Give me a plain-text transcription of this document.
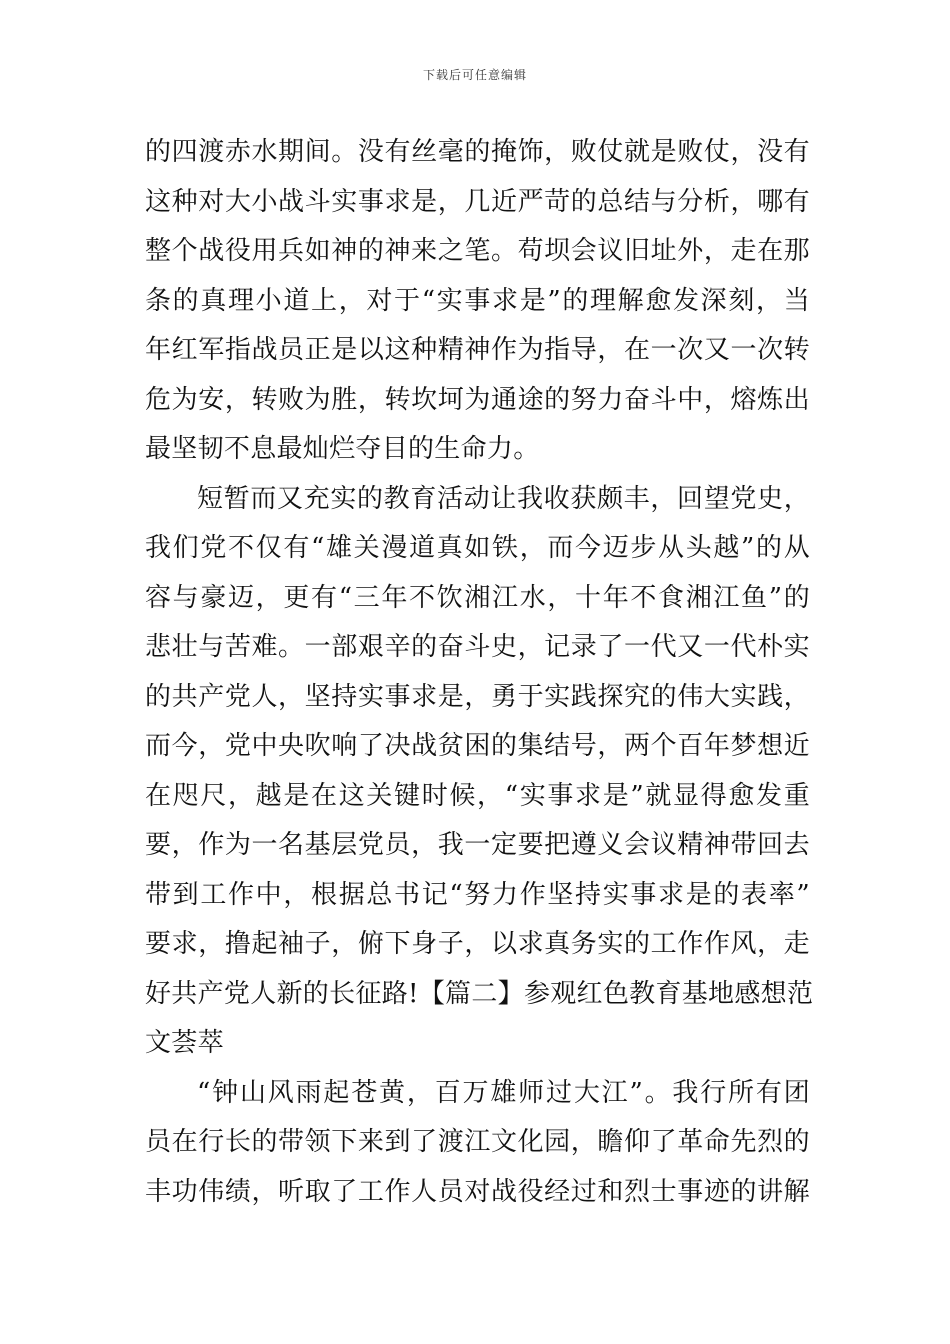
下载后可任意编辑
的四渡赤水期间。没有丝毫的掩饰，败仗就是败仗，没有
这种对大小战斗实事求是，几近严苛的总结与分析，哪有
整个战役用兵如神的神来之笔。苟坝会议旧址外，走在那
条的真理小道上，对于“实事求是”的理解愈发深刻，当
年红军指战员正是以这种精神作为指导，在一次又一次转
危为安，转败为胜，转坎坷为通途的努力奋斗中，熔炼出
最坚韧不息最灿烂夺目的生命力。
短暂而又充实的教育活动让我收获颇丰，回望党史，
我们党不仅有“雄关漫道真如铁，而今迈步从头越”的从
容与豪迈，更有“三年不饮湘江水，十年不食湘江鱼”的
悲壮与苦难。一部艰辛的奋斗史，记录了一代又一代朴实
的共产党人，坚持实事求是，勇于实践探究的伟大实践，
而今，党中央吹响了决战贫困的集结号，两个百年梦想近
在咫尺，越是在这关键时候，“实事求是”就显得愈发重
要，作为一名基层党员，我一定要把遵义会议精神带回去
带到工作中，根据总书记“努力作坚持实事求是的表率”
要求，撸起袖子，俯下身子，以求真务实的工作作风，走
好共产党人新的长征路!【篇二】参观红色教育基地感想范
文荟萃
“钟山风雨起苍黄，百万雄师过大江”。我行所有团
员在行长的带领下来到了渡江文化园，瞻仰了革命先烈的
丰功伟绩，听取了工作人员对战役经过和烈士事迹的讲解
